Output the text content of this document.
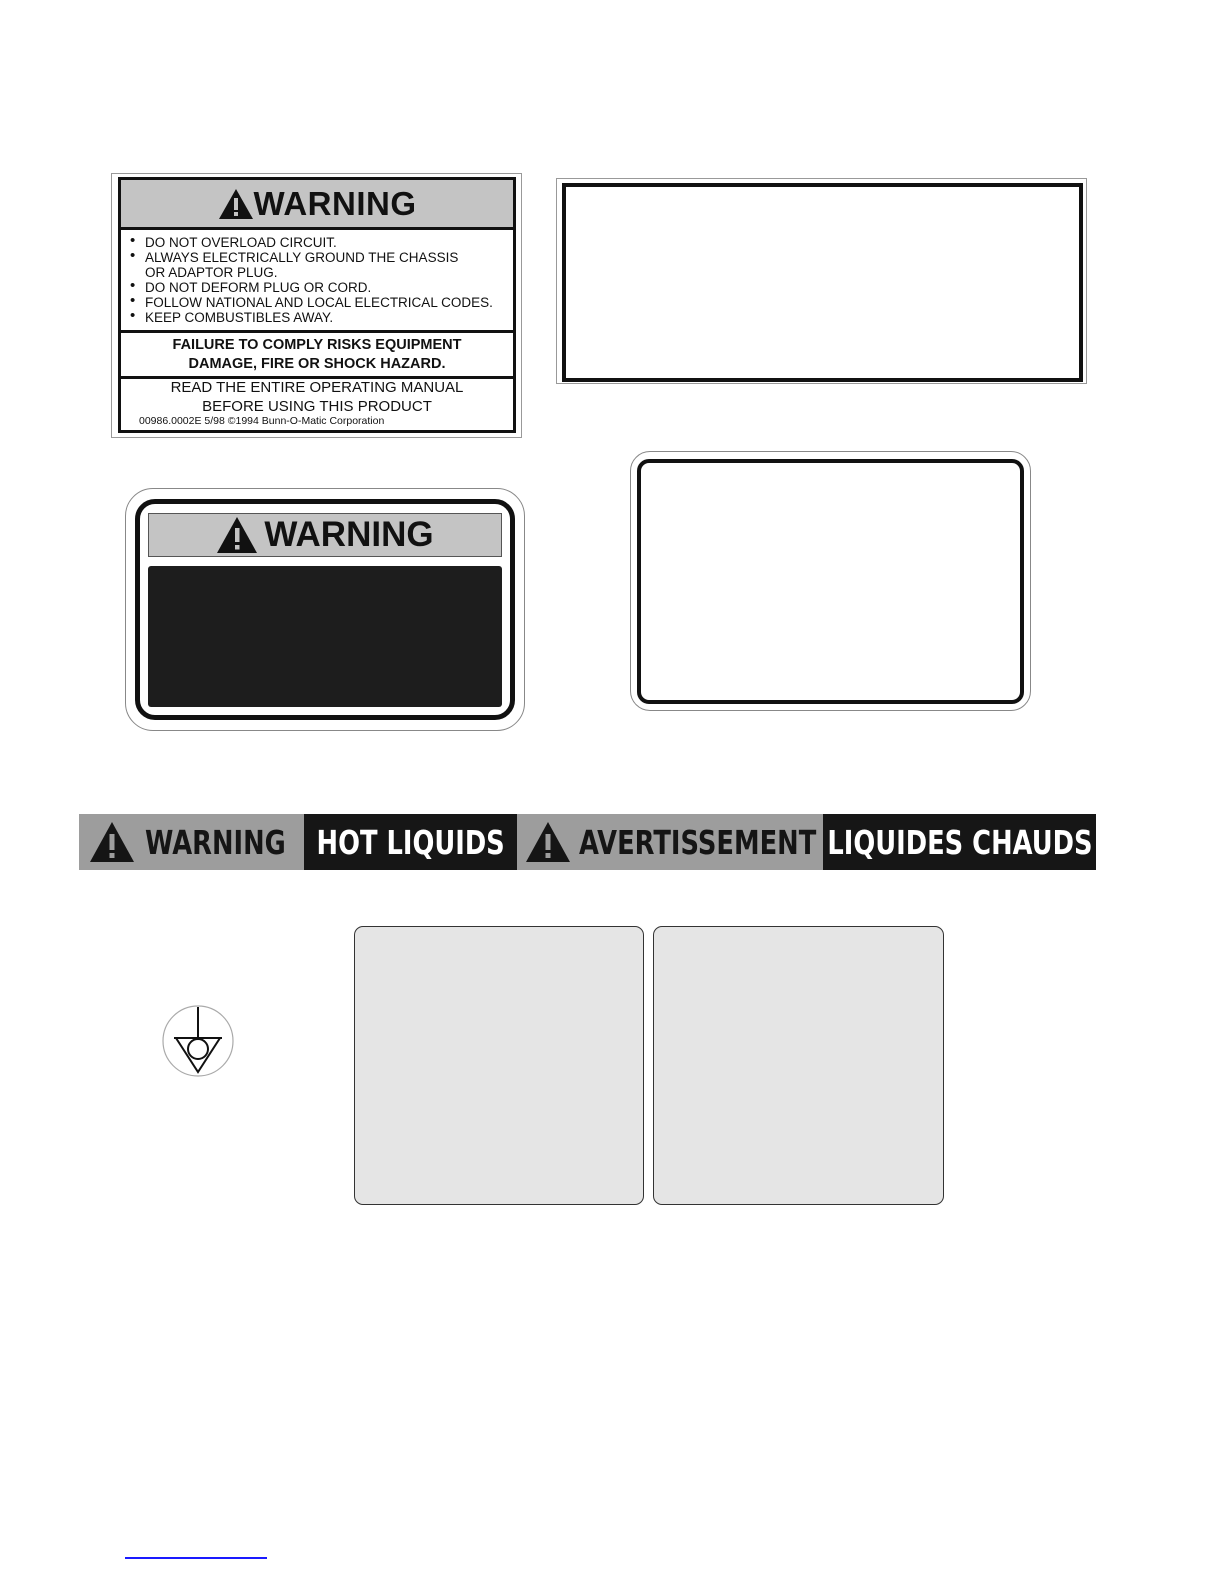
WARNING
• DO NOT OVERLOAD CIRCUIT.
• ALWAYS ELECTRICALLY GROUND THE CHASSIS
OR ADAPTOR PLUG.
• DO NOT DEFORM PLUG OR CORD.
• FOLLOW NATIONAL AND LOCAL ELECTRICAL CODES.
• KEEP COMBUSTIBLES AWAY.
FAILURE TO COMPLY RISKS EQUIPMENT
DAMAGE, FIRE OR SHOCK HAZARD.
READ THE ENTIRE OPERATING MANUAL
BEFORE USING THIS PRODUCT
00986.0002E 5/98 ©1994 Bunn-O-Matic Corporation
WARNING
WARNING HOT LIQUIDS AVERTISSEMENT LIQUIDES CHAUDS
